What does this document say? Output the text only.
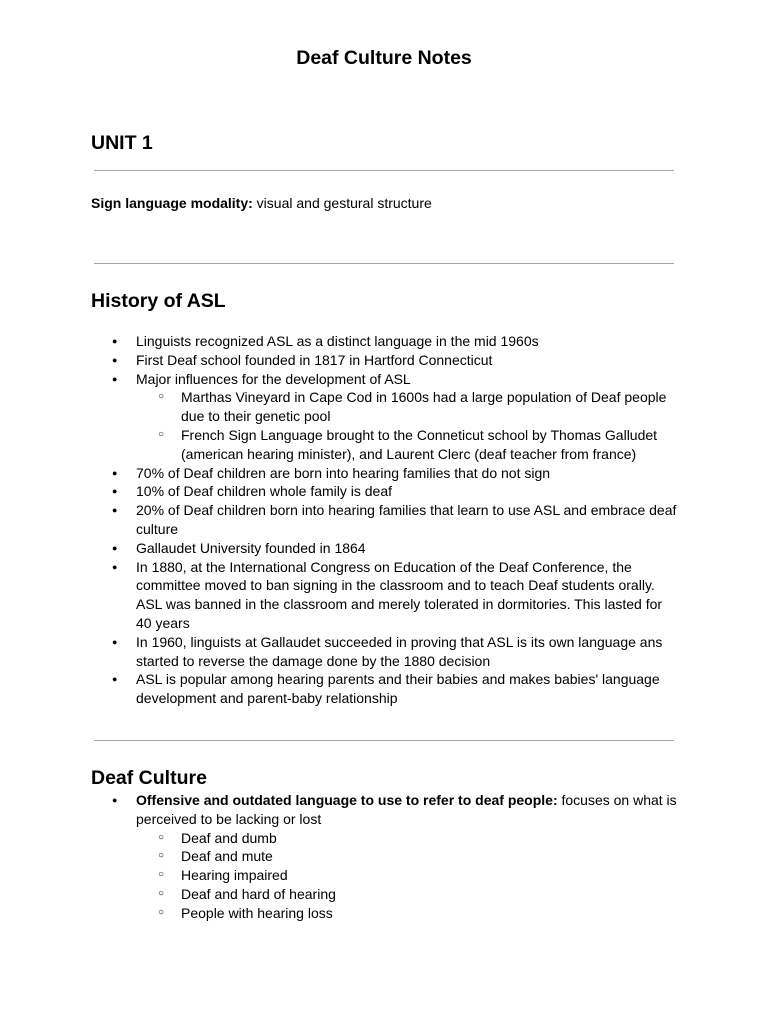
Deaf Culture Notes
UNIT 1
Sign language modality: visual and gestural structure
History of ASL
● Linguists recognized ASL as a distinct language in the mid 1960s
● First Deaf school founded in 1817 in Hartford Connecticut
● Major influences for the development of ASL
○ Marthas Vineyard in Cape Cod in 1600s had a large population of Deaf people due to their genetic pool
○ French Sign Language brought to the Conneticut school by Thomas Galludet (american hearing minister), and Laurent Clerc (deaf teacher from france)
● 70% of Deaf children are born into hearing families that do not sign
● 10% of Deaf children whole family is deaf
● 20% of Deaf children born into hearing families that learn to use ASL and embrace deaf culture
● Gallaudet University founded in 1864
● In 1880, at the International Congress on Education of the Deaf Conference, the committee moved to ban signing in the classroom and to teach Deaf students orally. ASL was banned in the classroom and merely tolerated in dormitories. This lasted for 40 years
● In 1960, linguists at Gallaudet succeeded in proving that ASL is its own language ans started to reverse the damage done by the 1880 decision
● ASL is popular among hearing parents and their babies and makes babies' language development and parent-baby relationship
Deaf Culture
● Offensive and outdated language to use to refer to deaf people: focuses on what is perceived to be lacking or lost
○ Deaf and dumb
○ Deaf and mute
○ Hearing impaired
○ Deaf and hard of hearing
○ People with hearing loss
